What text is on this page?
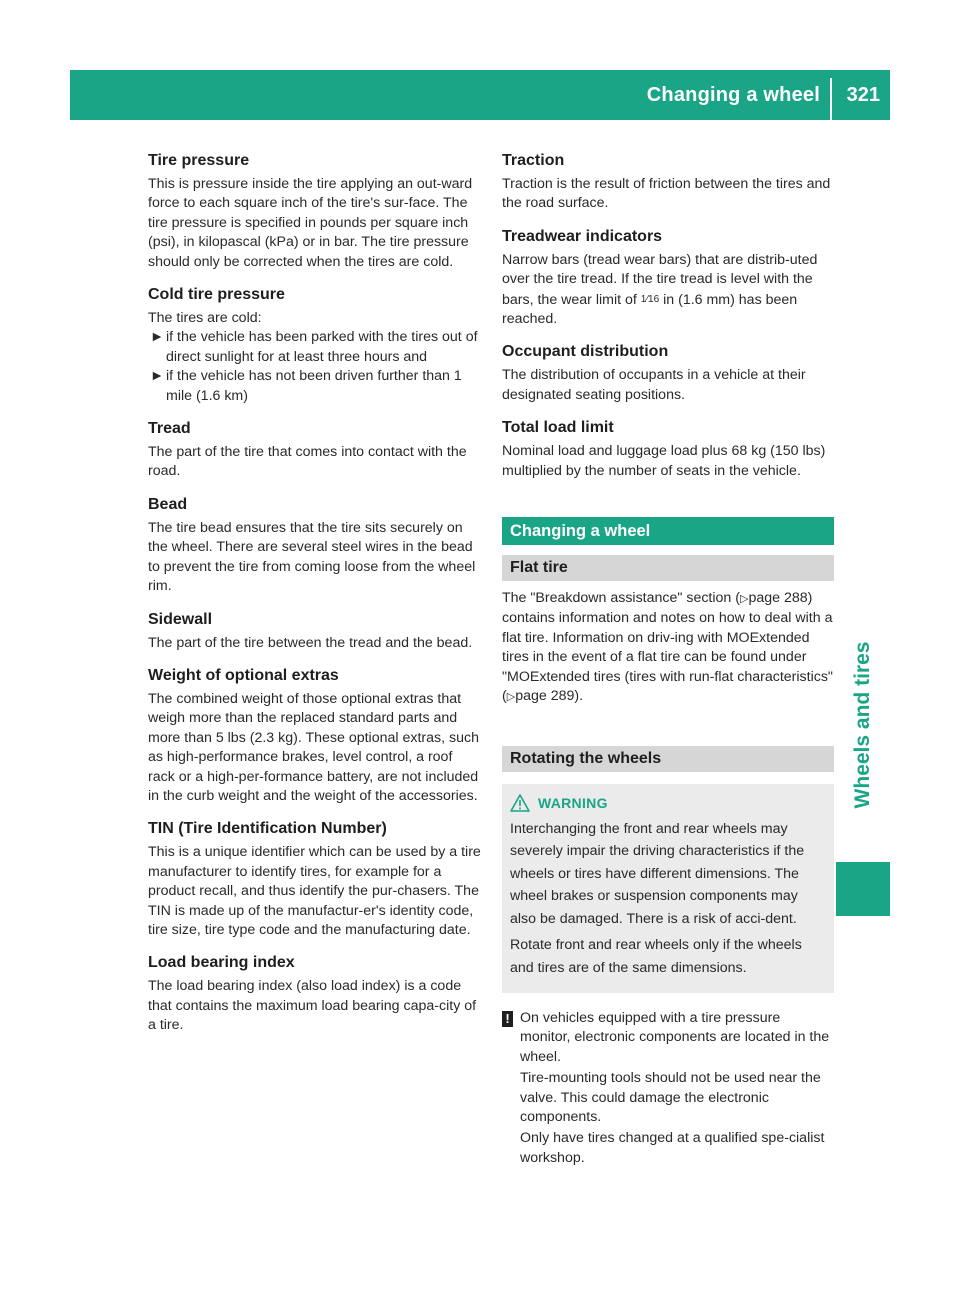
Changing a wheel 321
Wheels and tires
Tire pressure

This is pressure inside the tire applying an out-ward force to each square inch of the tire's sur-face. The tire pressure is specified in pounds per square inch (psi), in kilopascal (kPa) or in bar. The tire pressure should only be corrected when the tires are cold.

Cold tire pressure

The tires are cold:

► if the vehicle has been parked with the tires out of direct sunlight for at least three hours and
► if the vehicle has not been driven further than 1 mile (1.6 km)
Tread

The part of the tire that comes into contact with the road.

Bead

The tire bead ensures that the tire sits securely on the wheel. There are several steel wires in the bead to prevent the tire from coming loose from the wheel rim.

Sidewall

The part of the tire between the tread and the bead.

Weight of optional extras

The combined weight of those optional extras that weigh more than the replaced standard parts and more than 5 lbs (2.3 kg). These optional extras, such as high-performance brakes, level control, a roof rack or a high-per-formance battery, are not included in the curb weight and the weight of the accessories.

TIN (Tire Identification Number)

This is a unique identifier which can be used by a tire manufacturer to identify tires, for example for a product recall, and thus identify the pur-chasers. The TIN is made up of the manufactur-er's identity code, tire size, tire type code and the manufacturing date.

Load bearing index

The load bearing index (also load index) is a code that contains the maximum load bearing capa-city of a tire.

Traction

Traction is the result of friction between the tires and the road surface.

Treadwear indicators

Narrow bars (tread wear bars) that are distrib-uted over the tire tread. If the tire tread is level with the bars, the wear limit of 1⁄16 in (1.6 mm) has been reached.

Occupant distribution

The distribution of occupants in a vehicle at their designated seating positions.

Total load limit

Nominal load and luggage load plus 68 kg (150 lbs) multiplied by the number of seats in the vehicle.

Changing a wheel
Flat tire

The "Breakdown assistance" section (▷page 288) contains information and notes on how to deal with a flat tire. Information on driv-ing with MOExtended tires in the event of a flat tire can be found under "MOExtended tires (tires with run-flat characteristics" (▷page 289).

Rotating the wheels
WARNING

Interchanging the front and rear wheels may severely impair the driving characteristics if the wheels or tires have different dimensions. The wheel brakes or suspension components may also be damaged. There is a risk of acci-dent.

Rotate front and rear wheels only if the wheels and tires are of the same dimensions.

! On vehicles equipped with a tire pressure monitor, electronic components are located in the wheel.

Tire-mounting tools should not be used near the valve. This could damage the electronic components.

Only have tires changed at a qualified spe-cialist workshop.
